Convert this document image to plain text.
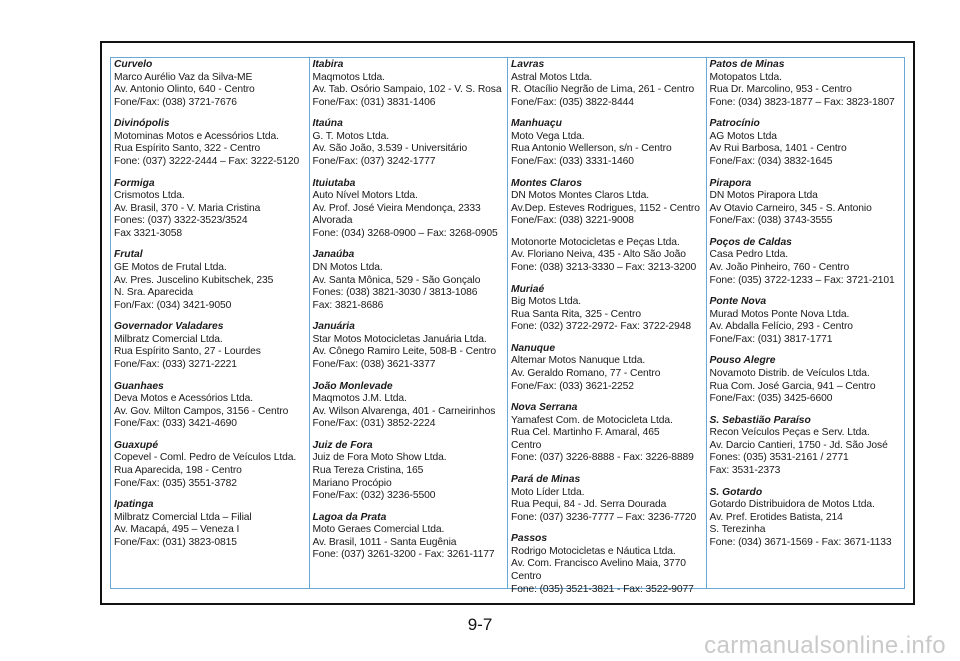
Curvelo
Marco Aurélio Vaz da Silva-ME
Av. Antonio Olinto, 640 - Centro
Fone/Fax: (038) 3721-7676
Divinópolis
Motominas Motos e Acessórios Ltda.
Rua Espírito Santo, 322 - Centro
Fone: (037) 3222-2444 – Fax: 3222-5120
Formiga
Crismotos Ltda.
Av. Brasil, 370 - V. Maria Cristina
Fones: (037) 3322-3523/3524
Fax 3321-3058
Frutal
GE Motos de Frutal Ltda.
Av. Pres. Juscelino Kubitschek, 235
N. Sra. Aparecida
Fon/Fax: (034) 3421-9050
Governador Valadares
Milbratz Comercial Ltda.
Rua Espírito Santo, 27 - Lourdes
Fone/Fax: (033) 3271-2221
Guanhaes
Deva Motos e Acessórios Ltda.
Av. Gov. Milton Campos, 3156 - Centro
Fone/Fax: (033) 3421-4690
Guaxupé
Copevel - Coml. Pedro de Veículos Ltda.
Rua Aparecida, 198 - Centro
Fone/Fax: (035) 3551-3782
Ipatinga
Milbratz Comercial Ltda – Filial
Av. Macapá, 495 – Veneza I
Fone/Fax: (031) 3823-0815
Itabira
Maqmotos Ltda.
Av. Tab. Osório Sampaio, 102 - V. S. Rosa
Fone/Fax: (031) 3831-1406
Itaúna
G. T. Motos Ltda.
Av. São João, 3.539 - Universitário
Fone/Fax: (037) 3242-1777
Ituiutaba
Auto Nível Motors Ltda.
Av. Prof. José Vieira Mendonça, 2333
Alvorada
Fone: (034) 3268-0900 – Fax: 3268-0905
Janaúba
DN Motos Ltda.
Av. Santa Mônica, 529 - São Gonçalo
Fones: (038) 3821-3030 / 3813-1086
Fax: 3821-8686
Januária
Star Motos Motocicletas Januária Ltda.
Av. Cônego Ramiro Leite, 508-B - Centro
Fone/Fax: (038) 3621-3377
João Monlevade
Maqmotos J.M. Ltda.
Av. Wilson Alvarenga, 401 - Carneirinhos
Fone/Fax: (031) 3852-2224
Juiz de Fora
Juiz de Fora Moto Show Ltda.
Rua Tereza Cristina, 165
Mariano Procópio
Fone/Fax: (032) 3236-5500
Lagoa da Prata
Moto Geraes Comercial Ltda.
Av. Brasil, 1011 - Santa Eugênia
Fone: (037) 3261-3200 - Fax: 3261-1177
Lavras
Astral Motos Ltda.
R. Otacílio Negrão de Lima, 261 - Centro
Fone/Fax: (035) 3822-8444
Manhuaçu
Moto Vega Ltda.
Rua Antonio Wellerson, s/n - Centro
Fone/Fax: (033) 3331-1460
Montes Claros
DN Motos Montes Claros Ltda.
Av.Dep. Esteves Rodrigues, 1152 - Centro
Fone/Fax: (038) 3221-9008
Motonorte Motocicletas e Peças Ltda.
Av. Floriano Neiva, 435 - Alto São João
Fone: (038) 3213-3330 – Fax: 3213-3200
Muriaé
Big Motos Ltda.
Rua Santa Rita, 325 - Centro
Fone: (032) 3722-2972- Fax: 3722-2948
Nanuque
Altemar Motos Nanuque Ltda.
Av. Geraldo Romano, 77 - Centro
Fone/Fax: (033) 3621-2252
Nova Serrana
Yamafest Com. de Motocicleta Ltda.
Rua Cel. Martinho F. Amaral, 465
Centro
Fone: (037) 3226-8888 - Fax: 3226-8889
Pará de Minas
Moto Líder Ltda.
Rua Pequi, 84 - Jd. Serra Dourada
Fone: (037) 3236-7777 – Fax: 3236-7720
Passos
Rodrigo Motocicletas e Náutica Ltda.
Av. Com. Francisco Avelino Maia, 3770
Centro
Fone: (035) 3521-3821 - Fax: 3522-9077
Patos de Minas
Motopatos Ltda.
Rua Dr. Marcolino, 953 - Centro
Fone: (034) 3823-1877 – Fax: 3823-1807
Patrocínio
AG Motos Ltda
Av Rui Barbosa, 1401 - Centro
Fone/Fax: (034) 3832-1645
Pirapora
DN Motos Pirapora Ltda
Av Otavio Carneiro, 345 - S. Antonio
Fone/Fax: (038) 3743-3555
Poços de Caldas
Casa Pedro Ltda.
Av. João Pinheiro, 760 - Centro
Fone: (035) 3722-1233 – Fax: 3721-2101
Ponte Nova
Murad Motos Ponte Nova Ltda.
Av. Abdalla Felício, 293 - Centro
Fone/Fax: (031) 3817-1771
Pouso Alegre
Novamoto Distrib. de Veículos Ltda.
Rua Com. José Garcia, 941 – Centro
Fone/Fax: (035) 3425-6600
S. Sebastião Paraíso
Recon Veículos Peças e Serv. Ltda.
Av. Darcio Cantieri, 1750 - Jd. São José
Fones: (035) 3531-2161 / 2771
Fax: 3531-2373
S. Gotardo
Gotardo Distribuidora de Motos Ltda.
Av. Pref. Erotides Batista, 214
S. Terezinha
Fone: (034) 3671-1569 - Fax: 3671-1133
9-7
carmanualsonline.info
